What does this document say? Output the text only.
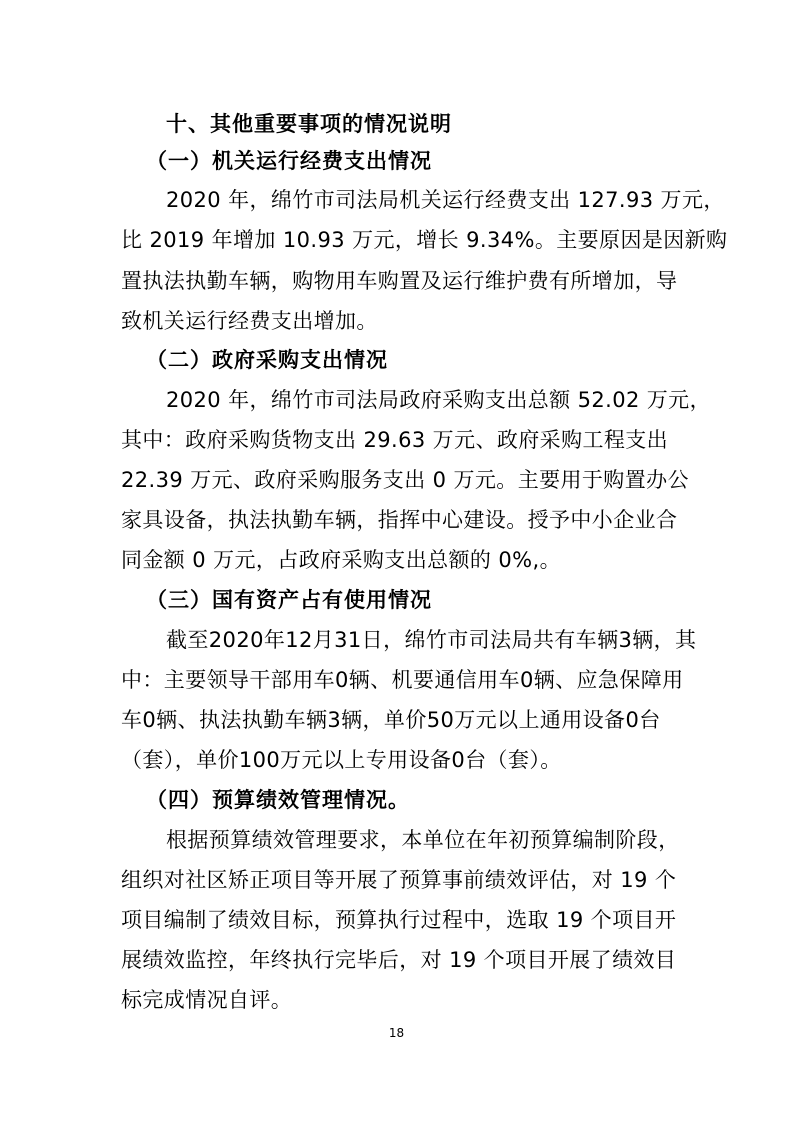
十、其他重要事项的情况说明
（一）机关运行经费支出情况
2020 年，绵竹市司法局机关运行经费支出 127.93 万元，
比 2019 年增加 10.93 万元，增长 9.34%。主要原因是因新购
置执法执勤车辆，购物用车购置及运行维护费有所增加，导
致机关运行经费支出增加。
（二）政府采购支出情况
2020 年，绵竹市司法局政府采购支出总额 52.02 万元，
其中：政府采购货物支出 29.63 万元、政府采购工程支出
22.39 万元、政府采购服务支出 0 万元。主要用于购置办公
家具设备，执法执勤车辆，指挥中心建设。授予中小企业合
同金额 0 万元，占政府采购支出总额的 0%,。
（三）国有资产占有使用情况
截至2020年12月31日，绵竹市司法局共有车辆3辆，其
中：主要领导干部用车0辆、机要通信用车0辆、应急保障用
车0辆、执法执勤车辆3辆，单价50万元以上通用设备0台
（套），单价100万元以上专用设备0台（套）。
（四）预算绩效管理情况。
根据预算绩效管理要求，本单位在年初预算编制阶段，
组织对社区矫正项目等开展了预算事前绩效评估，对 19 个
项目编制了绩效目标，预算执行过程中，选取 19 个项目开
展绩效监控，年终执行完毕后，对 19 个项目开展了绩效目
标完成情况自评。
18
